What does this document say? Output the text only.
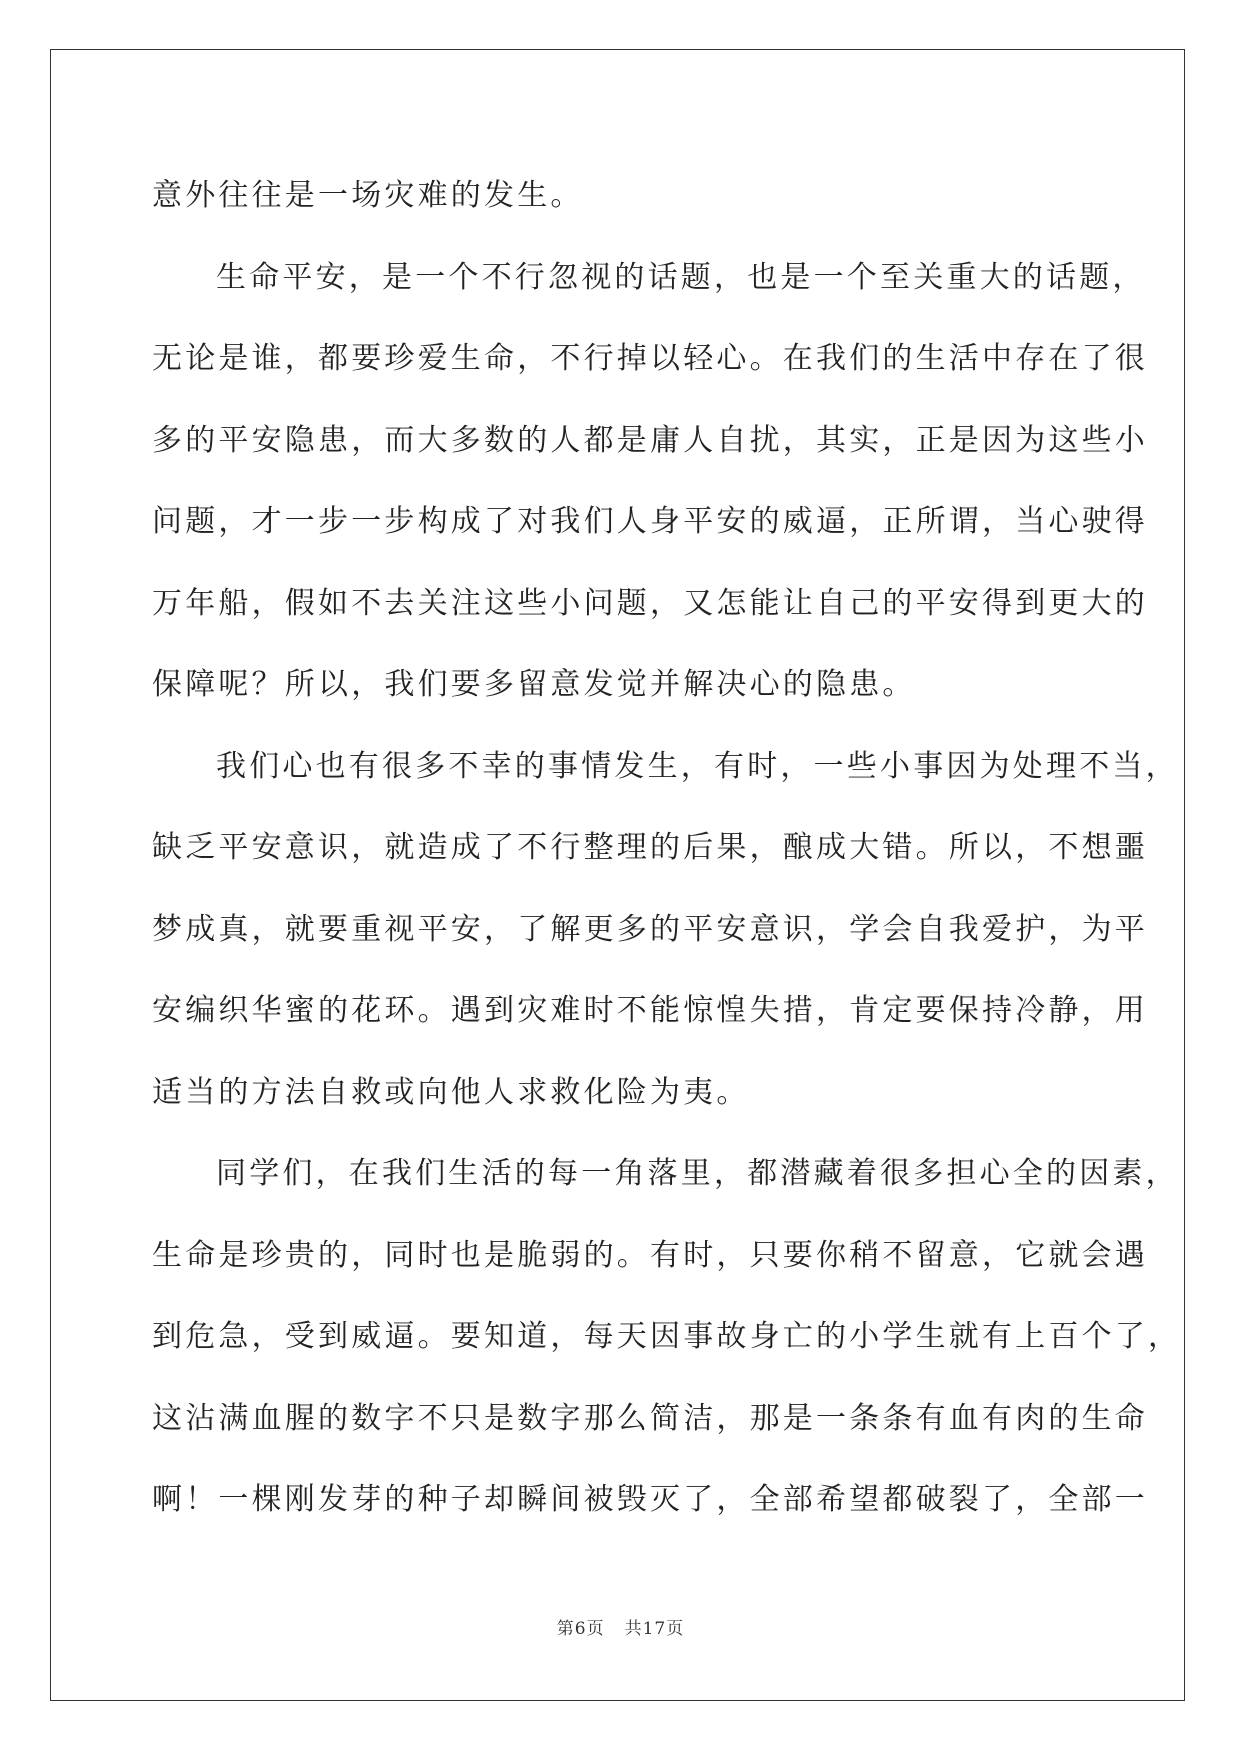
意外往往是一场灾难的发生。
生命平安，是一个不行忽视的话题，也是一个至关重大的话题，
无论是谁，都要珍爱生命，不行掉以轻心。在我们的生活中存在了很
多的平安隐患，而大多数的人都是庸人自扰，其实，正是因为这些小
问题，才一步一步构成了对我们人身平安的威逼，正所谓，当心驶得
万年船，假如不去关注这些小问题，又怎能让自己的平安得到更大的
保障呢？所以，我们要多留意发觉并解决心的隐患。
我们心也有很多不幸的事情发生，有时，一些小事因为处理不当，
缺乏平安意识，就造成了不行整理的后果，酿成大错。所以，不想噩
梦成真，就要重视平安，了解更多的平安意识，学会自我爱护，为平
安编织华蜜的花环。遇到灾难时不能惊惶失措，肯定要保持冷静，用
适当的方法自救或向他人求救化险为夷。
同学们，在我们生活的每一角落里，都潜藏着很多担心全的因素，
生命是珍贵的，同时也是脆弱的。有时，只要你稍不留意，它就会遇
到危急，受到威逼。要知道，每天因事故身亡的小学生就有上百个了，
这沾满血腥的数字不只是数字那么简洁，那是一条条有血有肉的生命
啊！一棵刚发芽的种子却瞬间被毁灭了，全部希望都破裂了，全部一
第6页 共17页
